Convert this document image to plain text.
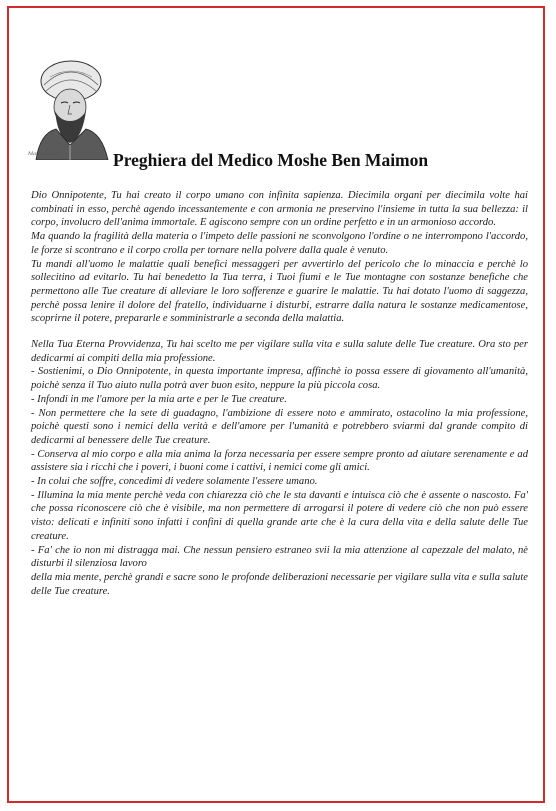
Maimonides	Preghiera del Medico Moshe Ben Maimon

Dio Onnipotente, Tu hai creato il corpo umano con infinita sapienza. Diecimila organi per diecimila volte hai combinati in esso, perchè agendo incessantemente e con armonia ne preservino l'insieme in tutta la sua bellezza: il corpo, involucro dell'anima immortale. E agiscono sempre con un ordine perfetto e in un armonioso accordo.

Ma quando la fragilità della materia o l'impeto delle passioni ne sconvolgono l'ordine o ne interrompono l'accordo, le forze si scontrano e il corpo crolla per tornare nella polvere dalla quale è venuto.

Tu mandi all'uomo le malattie quali benefici messaggeri per avvertirlo del pericolo che lo minaccia e perchè lo sollecitino ad evitarlo. Tu hai benedetto la Tua terra, i Tuoi fiumi e le Tue montagne con sostanze benefiche che permettono alle Tue creature di alleviare le loro sofferenze e guarire le malattie. Tu hai dotato l'uomo di saggezza, perchè possa lenire il dolore del fratello, individuarne i disturbi, estrarre dalla natura le sostanze medicamentose, scoprirne il potere, prepararle e somministrarle a seconda della malattia.

Nella Tua Eterna Provvidenza, Tu hai scelto me per vigilare sulla vita e sulla salute delle Tue creature. Ora sto per dedicarmi ai compiti della mia professione.

- Sostienimi, o Dio Onnipotente, in questa importante impresa, affinchè io possa essere di giovamento all'umanità, poichè senza il Tuo aiuto nulla potrà aver buon esito, neppure la più piccola cosa.

- Infondi in me l'amore per la mia arte e per le Tue creature.

- Non permettere che la sete di guadagno, l'ambizione di essere noto e ammirato, ostacolino la mia professione, poichè questi sono i nemici della verità e dell'amore per l'umanità e potrebbero sviarmi dal grande compito di dedicarmi al benessere delle Tue creature.

- Conserva al mio corpo e alla mia anima la forza necessaria per essere sempre pronto ad aiutare serenamente e ad assistere sia i ricchi che i poveri, i buoni come i cattivi, i nemici come gli amici.

- In colui che soffre, concedimi di vedere solamente l'essere umano.

- Illumina la mia mente perchè veda con chiarezza ciò che le sta davanti e intuisca ciò che è assente o nascosto. Fa' che possa riconoscere ciò che è visibile, ma non permettere di arrogarsi il potere di vedere ciò che non può essere visto: delicati e infiniti sono infatti i confini di quella grande arte che è la cura della vita e della salute delle Tue creature.

- Fa' che io non mi distragga mai. Che nessun pensiero estraneo svii la mia attenzione al capezzale del malato, nè disturbi il silenziosa lavoro

della mia mente, perchè grandi e sacre sono le profonde deliberazioni necessarie per vigilare sulla vita e sulla salute delle Tue creature.
